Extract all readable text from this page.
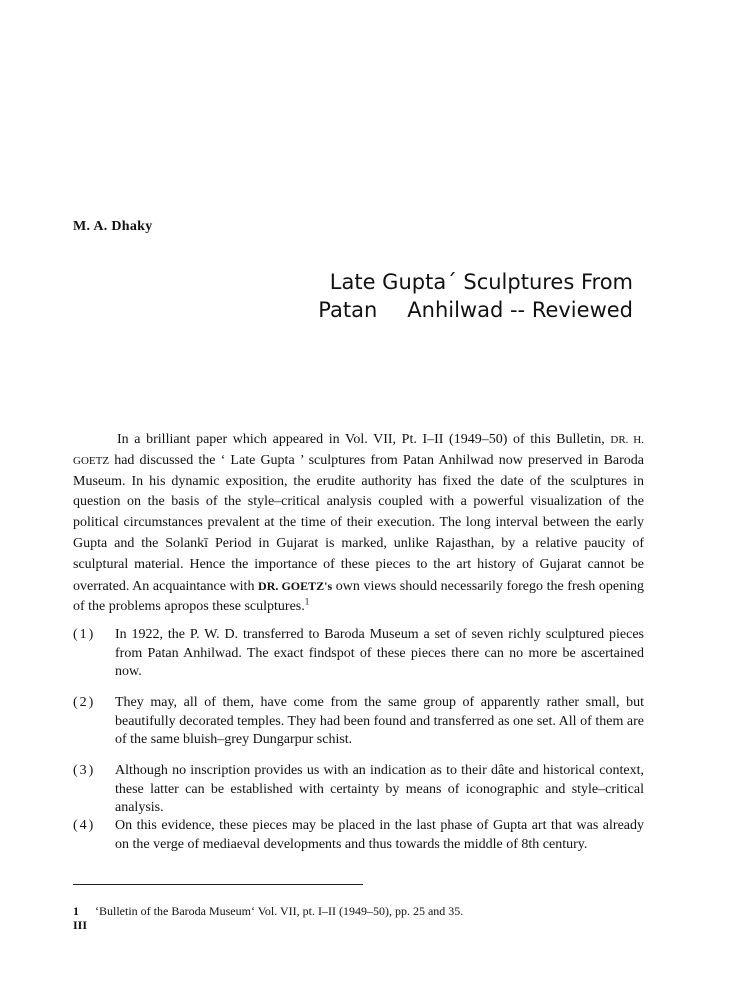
M. A. Dhaky
Late Gupta´ Sculptures From
Patan Anhilwad -- Reviewed
In a brilliant paper which appeared in Vol. VII, Pt. I–II (1949–50) of this Bulletin, DR. H. GOETZ had discussed the ‘ Late Gupta ’ sculptures from Patan Anhilwad now preserved in Baroda Museum. In his dynamic exposition, the erudite authority has fixed the date of the sculptures in question on the basis of the style–critical analysis coupled with a powerful visualization of the political circumstances prevalent at the time of their execution. The long interval between the early Gupta and the Solankī Period in Gujarat is marked, unlike Rajasthan, by a relative paucity of sculptural material. Hence the importance of these pieces to the art history of Gujarat cannot be overrated. An acquaintance with DR. GOETZ's own views should necessarily forego the fresh opening of the problems apropos these sculptures.$^1$
(1)	In 1922, the P. W. D. transferred to Baroda Museum a set of seven richly sculptured pieces from Patan Anhilwad. The exact findspot of these pieces there can no more be ascertained now.
(2)	They may, all of them, have come from the same group of apparently rather small, but beautifully decorated temples. They had been found and transferred as one set. All of them are of the same bluish–grey Dungarpur schist.
(3)	Although no inscription provides us with an indication as to their dâte and historical context, these latter can be established with certainty by means of iconographic and style–critical analysis.
(4)	On this evidence, these pieces may be placed in the last phase of Gupta art that was already on the verge of mediaeval developments and thus towards the middle of 8th century.
1 ‘Bulletin of the Baroda Museum‘ Vol. VII, pt. I–II (1949–50), pp. 25 and 35.
III
